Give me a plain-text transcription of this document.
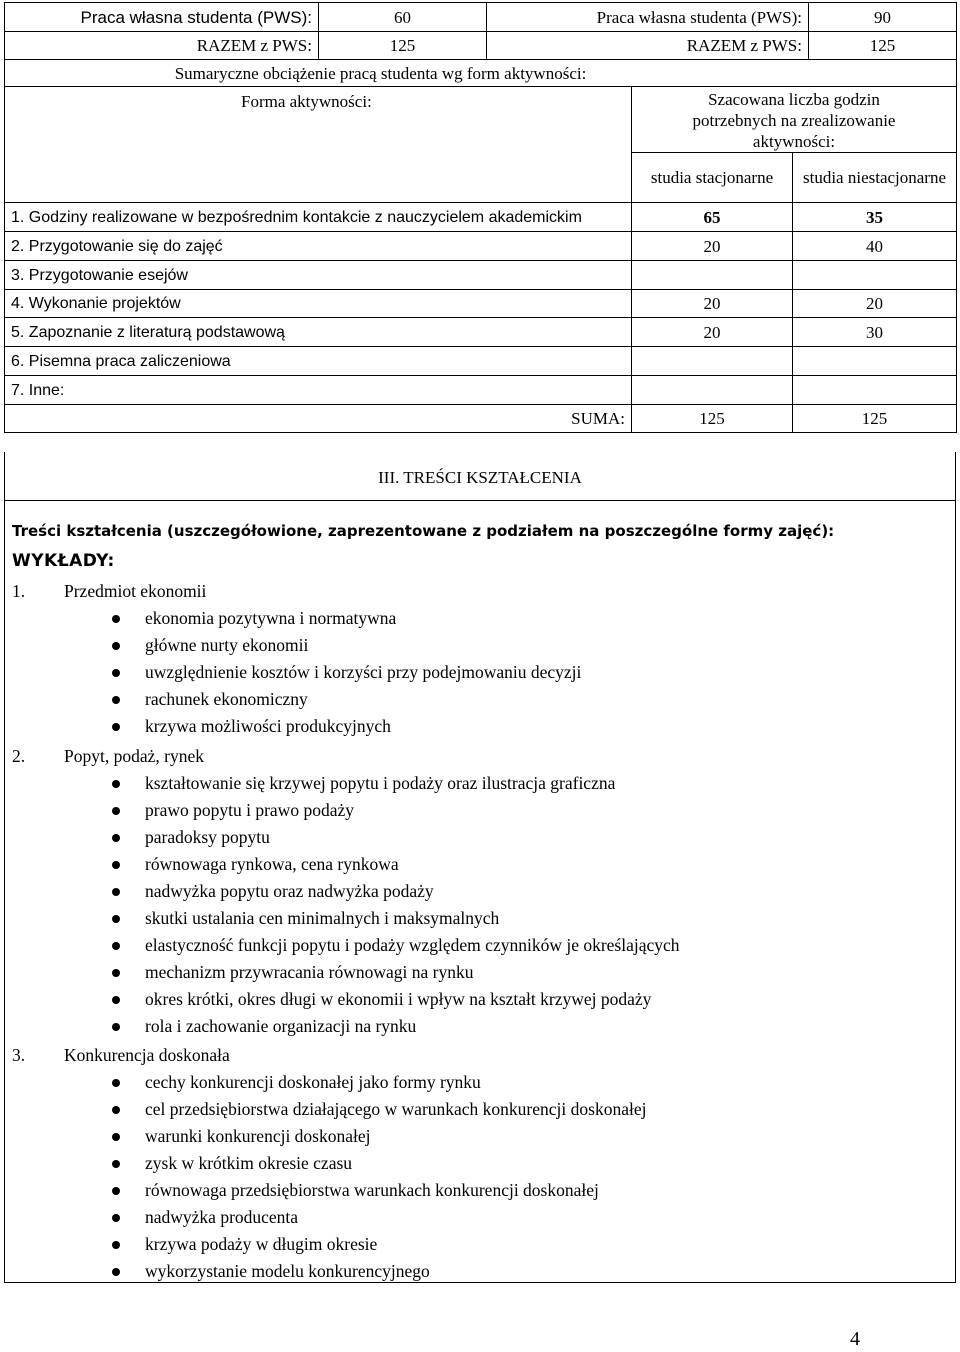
Praca własna studenta (PWS):	60	Praca własna studenta (PWS):	90
RAZEM z PWS:	125	RAZEM z PWS:	125
Sumaryczne obciążenie pracą studenta wg form aktywności:		
Forma aktywności:	Szacowana liczba godzin potrzebnych na zrealizowanie aktywności:	
	studia stacjonarne	studia niestacjonarne
1. Godziny realizowane w bezpośrednim kontakcie z nauczycielem akademickim	65	35
2. Przygotowanie się do zajęć	20	40
3. Przygotowanie esejów		
4. Wykonanie projektów	20	20
5. Zapoznanie z literaturą podstawową	20	30
6. Pisemna praca zaliczeniowa		
7. Inne:		
SUMA:	125	125
III. TREŚCI KSZTAŁCENIA
Treści kształcenia (uszczegółowione, zaprezentowane z podziałem na poszczególne formy zajęć):
WYKŁADY:
1.	Przedmiot ekonomii
ekonomia pozytywna i normatywna
główne nurty ekonomii
uwzględnienie kosztów i korzyści przy podejmowaniu decyzji
rachunek ekonomiczny
krzywa możliwości produkcyjnych
2.	Popyt, podaż, rynek
kształtowanie się krzywej popytu i podaży oraz ilustracja graficzna
prawo popytu i prawo podaży
paradoksy popytu
równowaga rynkowa, cena rynkowa
nadwyżka popytu oraz nadwyżka podaży
skutki ustalania cen minimalnych i maksymalnych
elastyczność funkcji popytu i podaży względem czynników je określających
mechanizm przywracania równowagi na rynku
okres krótki, okres długi w ekonomii i wpływ na kształt krzywej podaży
rola i zachowanie organizacji na rynku
3.	Konkurencja doskonała
cechy konkurencji doskonałej jako formy rynku
cel przedsiębiorstwa działającego w warunkach konkurencji doskonałej
warunki konkurencji doskonałej
zysk w krótkim okresie czasu
równowaga przedsiębiorstwa warunkach konkurencji doskonałej
nadwyżka producenta
krzywa podaży w długim okresie
wykorzystanie modelu konkurencyjnego
4
